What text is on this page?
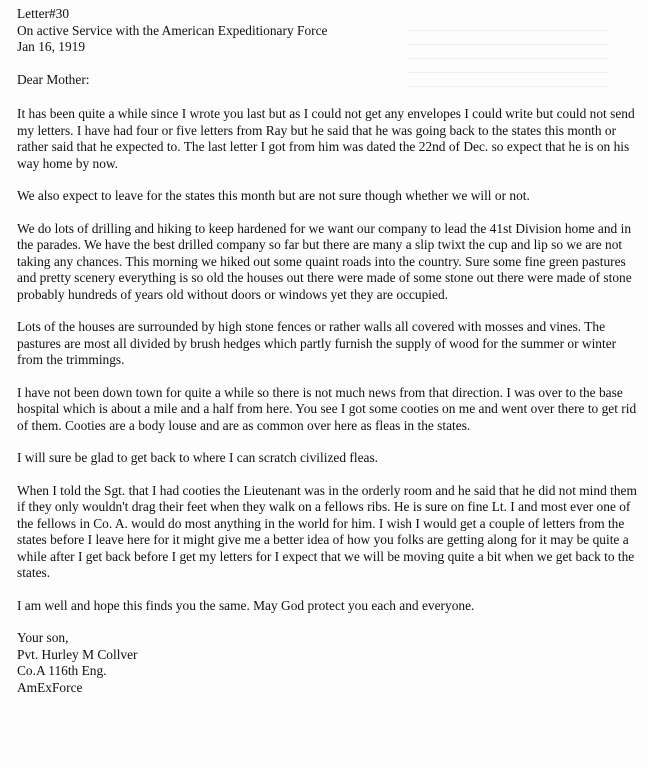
Letter#30
On active Service with the American Expeditionary Force
Jan 16, 1919

Dear Mother:

It has been quite a while since I wrote you last but as I could not get any envelopes I could write but could not send my letters. I have had four or five letters from Ray but he said that he was going back to the states this month or rather said that he expected to. The last letter I got from him was dated the 22nd of Dec. so expect that he is on his way home by now.

We also expect to leave for the states this month but are not sure though whether we will or not.

We do lots of drilling and hiking to keep hardened for we want our company to lead the 41st Division home and in the parades. We have the best drilled company so far but there are many a slip twixt the cup and lip so we are not taking any chances. This morning we hiked out some quaint roads into the country. Sure some fine green pastures and pretty scenery everything is so old the houses out there were made of some stone out there were made of stone probably hundreds of years old without doors or windows yet they are occupied.

Lots of the houses are surrounded by high stone fences or rather walls all covered with mosses and vines. The pastures are most all divided by brush hedges which partly furnish the supply of wood for the summer or winter from the trimmings.

I have not been down town for quite a while so there is not much news from that direction. I was over to the base hospital which is about a mile and a half from here. You see I got some cooties on me and went over there to get rid of them. Cooties are a body louse and are as common over here as fleas in the states.

I will sure be glad to get back to where I can scratch civilized fleas.

When I told the Sgt. that I had cooties the Lieutenant was in the orderly room and he said that he did not mind them if they only wouldn't drag their feet when they walk on a fellows ribs. He is sure on fine Lt. I and most ever one of the fellows in Co. A. would do most anything in the world for him. I wish I would get a couple of letters from the states before I leave here for it might give me a better idea of how you folks are getting along for it may be quite a while after I get back before I get my letters for I expect that we will be moving quite a bit when we get back to the states.

I am well and hope this finds you the same. May God protect you each and everyone.

Your son,
Pvt. Hurley M Collver
Co.A 116th Eng.
AmExForce
